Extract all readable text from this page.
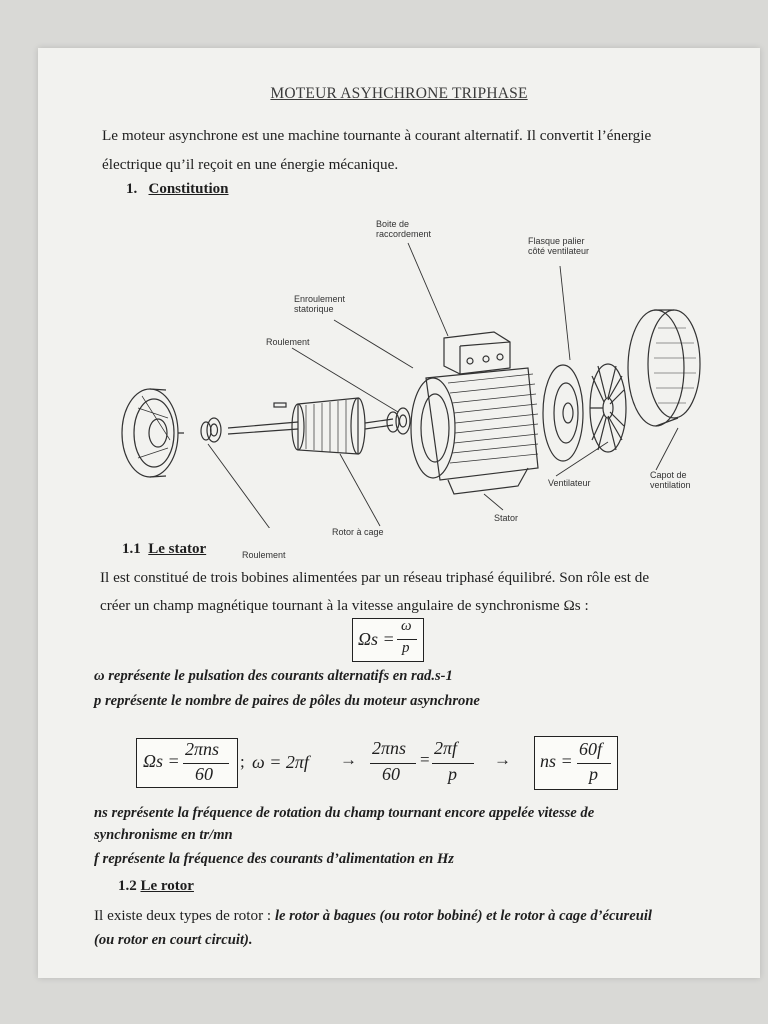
MOTEUR ASYHCHRONE TRIPHASE
Le moteur asynchrone est une machine tournante à courant alternatif. Il convertit l’énergie
électrique qu’il reçoit en une énergie mécanique.
1. Constitution
Boite de
raccordement
Flasque palier
côté ventilateur
Enroulement
statorique
Roulement
Ventilateur
Capot de
ventilation
Stator
Rotor à cage
Roulement
1.1 Le stator
Il est constitué de trois bobines alimentées par un réseau triphasé équilibré. Son rôle est de
créer un champ magnétique tournant à la vitesse angulaire de synchronisme Ωs :
Ωs =
ω
p
ω représente le pulsation des courants alternatifs en rad.s-1
p représente le nombre de paires de pôles du moteur asynchrone
Ωs =
2πns
60
; ω = 2πf →
2πns
60
=
2πf
p
→ ns =
60f
p
ns représente la fréquence de rotation du champ tournant encore appelée vitesse de
synchronisme en tr/mn
f représente la fréquence des courants d’alimentation en Hz
1.2 Le rotor
Il existe deux types de rotor : le rotor à bagues (ou rotor bobiné) et le rotor à cage d’écureuil
(ou rotor en court circuit).
